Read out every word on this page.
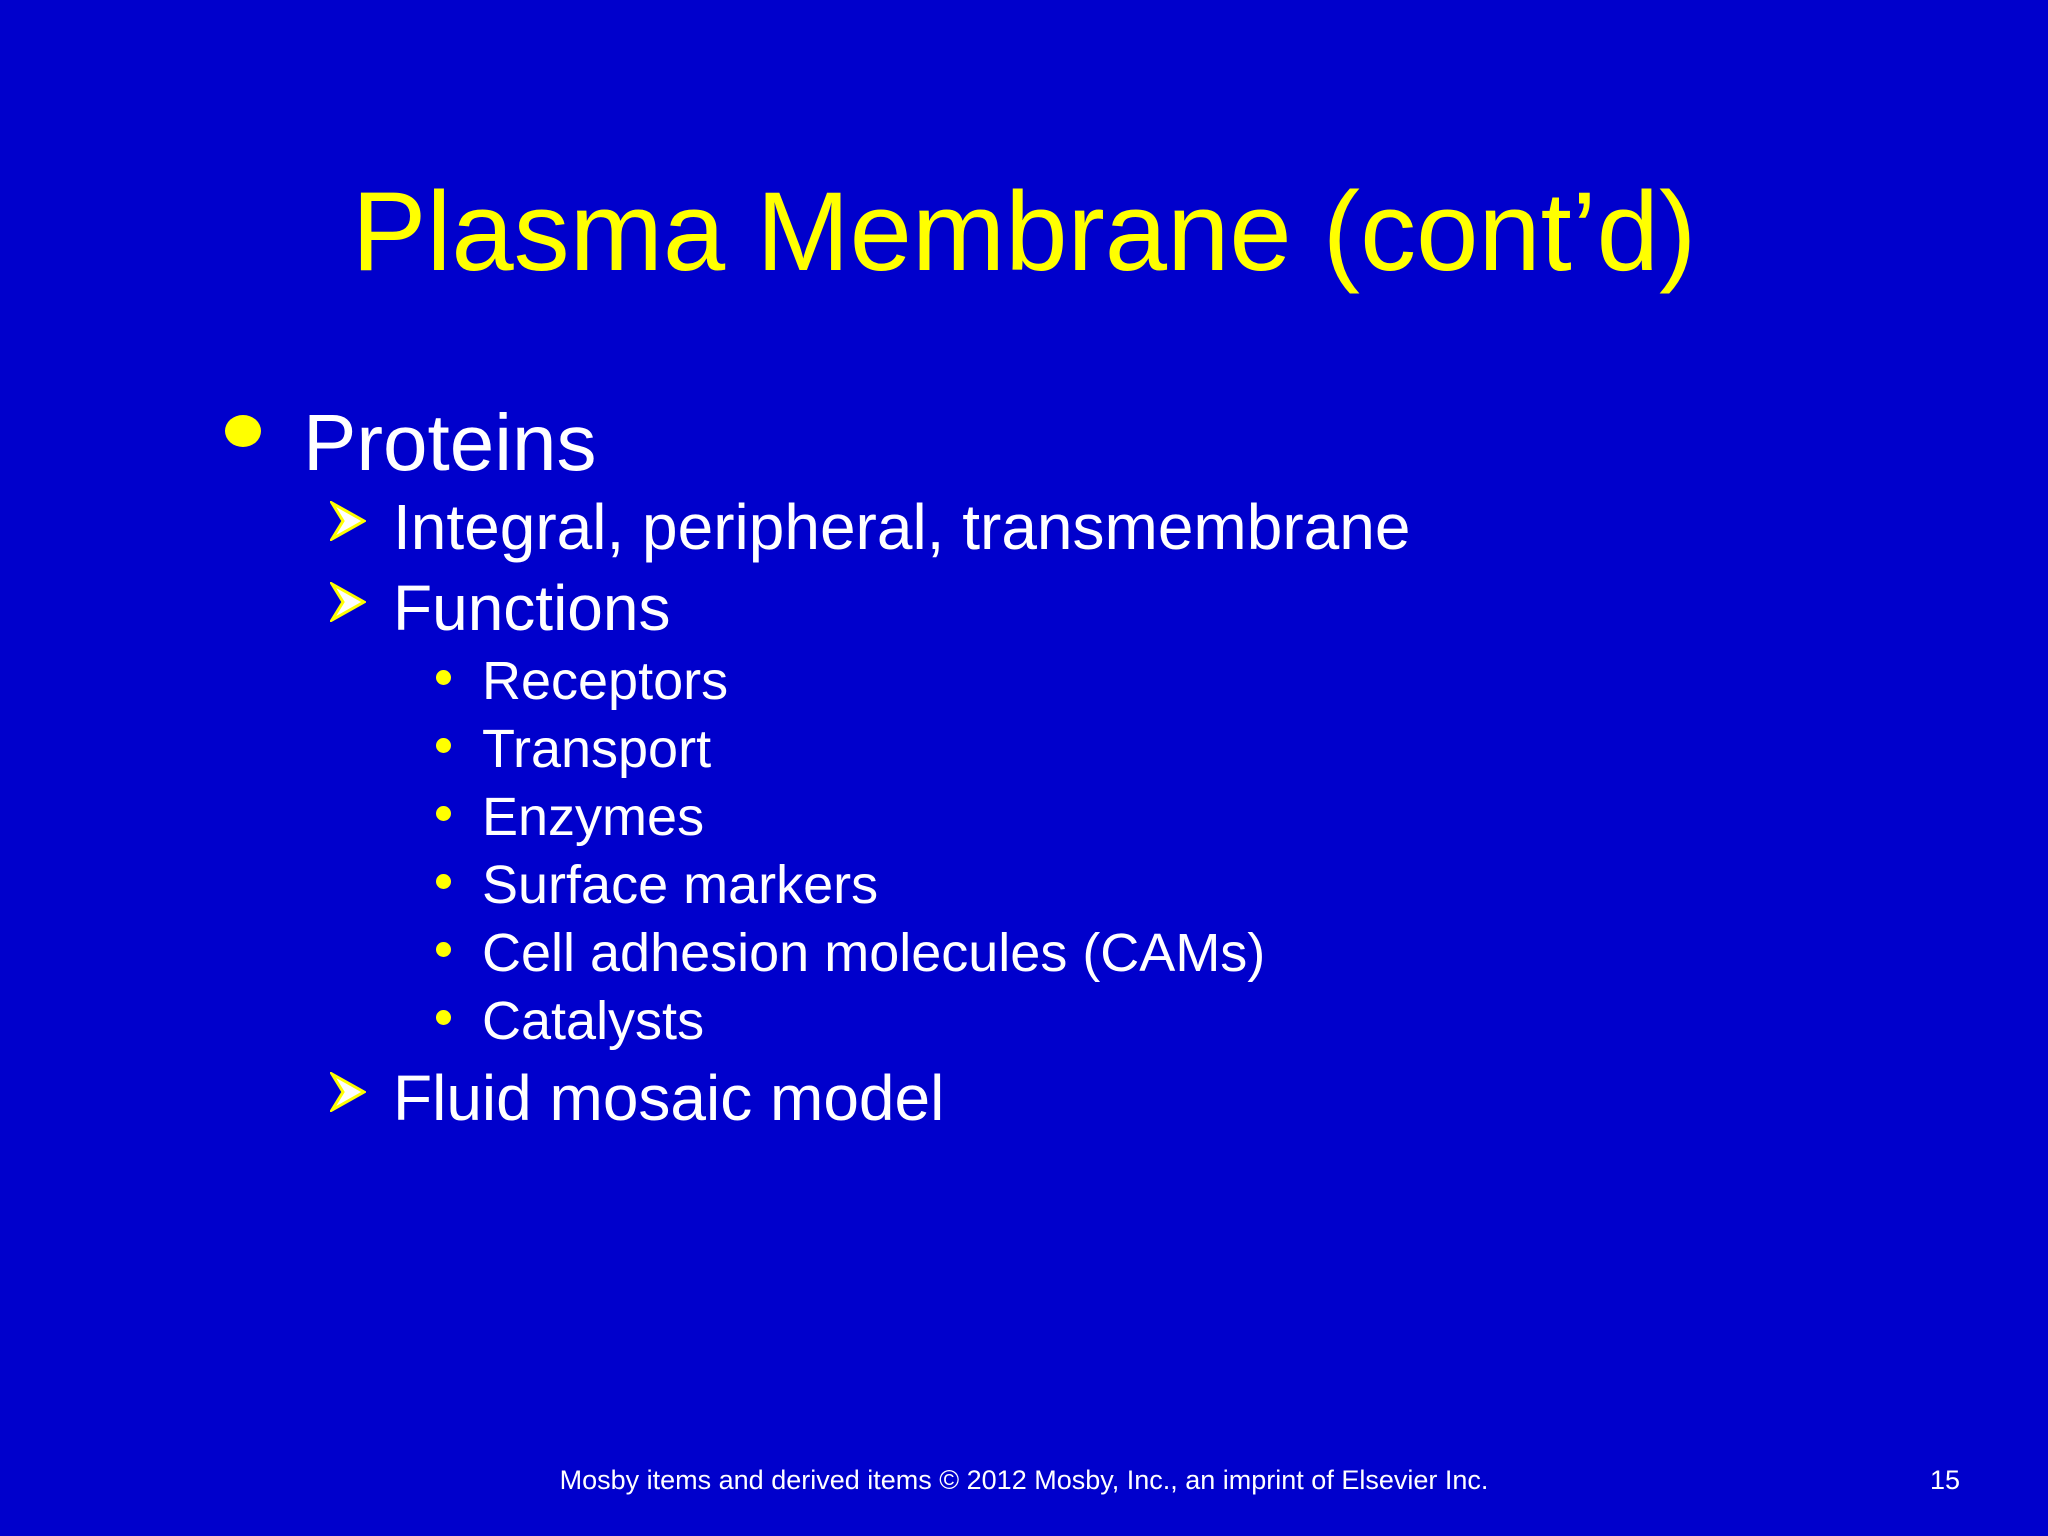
Plasma Membrane (cont’d)
Proteins
Integral, peripheral, transmembrane
Functions
Receptors
Transport
Enzymes
Surface markers
Cell adhesion molecules (CAMs)
Catalysts
Fluid mosaic model
Mosby items and derived items © 2012 Mosby, Inc., an imprint of Elsevier Inc.	15
